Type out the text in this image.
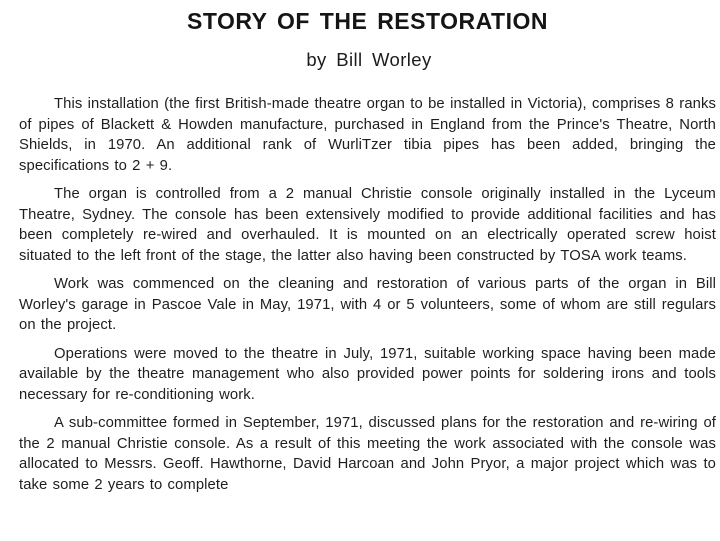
STORY OF THE RESTORATION
by Bill Worley

This installation (the first British-made theatre organ to be installed in Victoria), comprises 8 ranks of pipes of Blackett & Howden manufacture, purchased in England from the Prince's Theatre, North Shields, in 1970. An additional rank of WurliTzer tibia pipes has been added, bringing the specifications to 2 + 9.

The organ is controlled from a 2 manual Christie console originally installed in the Lyceum Theatre, Sydney. The console has been extensively modified to provide additional facilities and has been completely re-wired and overhauled. It is mounted on an electrically operated screw hoist situated to the left front of the stage, the latter also having been constructed by TOSA work teams.

Work was commenced on the cleaning and restoration of various parts of the organ in Bill Worley's garage in Pascoe Vale in May, 1971, with 4 or 5 volunteers, some of whom are still regulars on the project.

Operations were moved to the theatre in July, 1971, suitable working space having been made available by the theatre management who also provided power points for soldering irons and tools necessary for re-conditioning work.

A sub-committee formed in September, 1971, discussed plans for the restoration and re-wiring of the 2 manual Christie console. As a result of this meeting the work associated with the console was allocated to Messrs. Geoff. Hawthorne, David Harcoan and John Pryor, a major project which was to take some 2 years to complete
